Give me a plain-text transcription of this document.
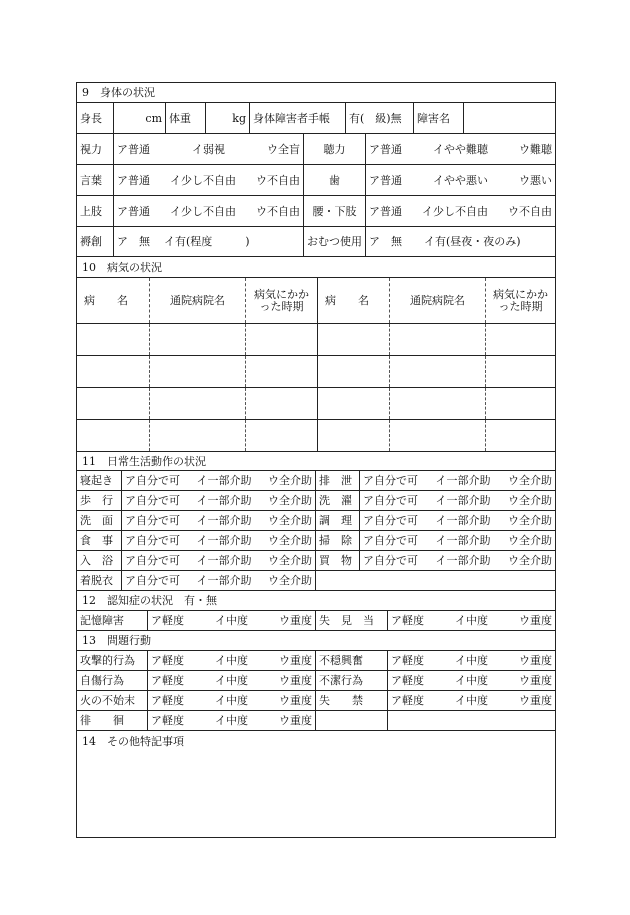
9　身体の状況
身長	cm 体重	kg 身体障害者手帳	有(　級)無	障害名
視力	ア普通	イ弱視	ウ全盲	聴力	ア普通	イやや難聴	ウ難聴
言葉	ア普通 イ少し不自由 ウ不自由	歯	ア普通	イやや悪い	ウ悪い
上肢	ア普通 イ少し不自由 ウ不自由	腰・下肢	ア普通 イ少し不自由 ウ不自由
褥創	ア　無 イ有(程度　　　)	おむつ使用 ア　無 イ有(昼夜・夜のみ)
10　病気の状況
病　　名	通院病院名	病気にかかった時期	病　　名	通院病院名	病気にかかった時期
11　日常生活動作の状況
寝起き	ア自分で可 イ一部介助 ウ全介助 排　泄	ア自分で可 イ一部介助 ウ全介助
歩　行	ア自分で可 イ一部介助 ウ全介助 洗　濯	ア自分で可 イ一部介助 ウ全介助
洗　面	ア自分で可 イ一部介助 ウ全介助 調　理	ア自分で可 イ一部介助 ウ全介助
食　事	ア自分で可 イ一部介助 ウ全介助 掃　除	ア自分で可 イ一部介助 ウ全介助
入　浴	ア自分で可 イ一部介助 ウ全介助 買　物	ア自分で可 イ一部介助 ウ全介助
着脱衣	ア自分で可 イ一部介助 ウ全介助
12　認知症の状況　有・無
記憶障害	ア軽度	イ中度	ウ重度 失　見　当	ア軽度	イ中度	ウ重度
13　問題行動
攻撃的行為	ア軽度	イ中度	ウ重度 不穏興奮	ア軽度	イ中度	ウ重度
自傷行為	ア軽度	イ中度	ウ重度 不潔行為	ア軽度	イ中度	ウ重度
火の不始末	ア軽度	イ中度	ウ重度 失　　禁	ア軽度	イ中度	ウ重度
徘　　徊	ア軽度	イ中度	ウ重度
14　その他特記事項
